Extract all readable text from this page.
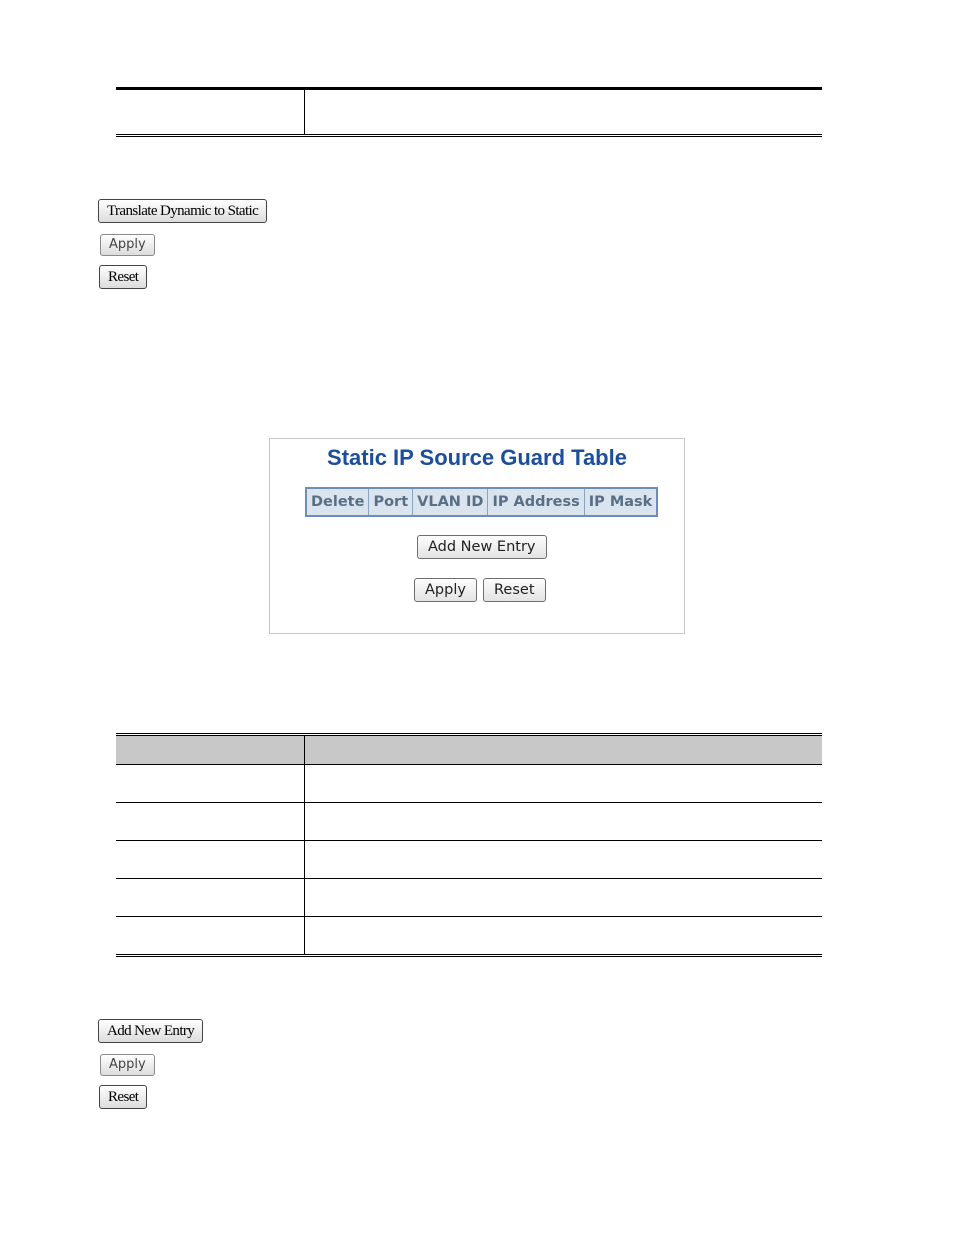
Translate Dynamic to Static
Apply
Reset
Static IP Source Guard Table
Delete	Port	VLAN ID	IP Address	IP Mask
Add New Entry
Apply	Reset

Add New Entry
Apply
Reset
